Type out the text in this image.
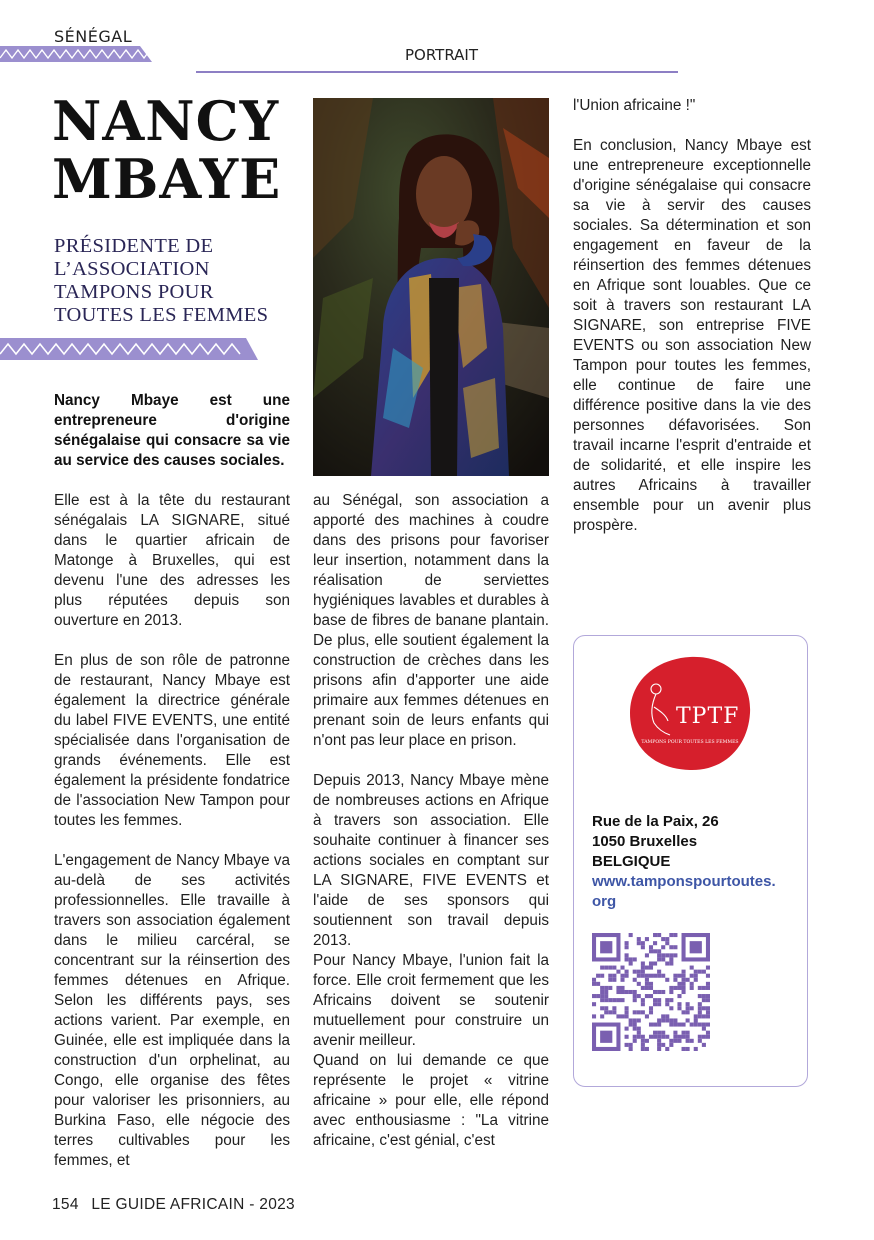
SÉNÉGAL
PORTRAIT
NANCY
MBAYE
PRÉSIDENTE DE
L’ASSOCIATION
TAMPONS POUR
TOUTES LES FEMMES
Nancy Mbaye est une entrepreneure d'origine sénégalaise qui consacre sa vie au service des causes sociales.

Elle est à la tête du restaurant sénégalais LA SIGNARE, situé dans le quartier africain de Matonge à Bruxelles, qui est devenu l'une des adresses les plus réputées depuis son ouverture en 2013.

En plus de son rôle de patronne de restaurant, Nancy Mbaye est également la directrice générale du label FIVE EVENTS, une entité spécialisée dans l'organisation de grands événements. Elle est également la présidente fondatrice de l'association New Tampon pour toutes les femmes.

L'engagement de Nancy Mbaye va au-delà de ses activités professionnelles. Elle travaille à travers son association également dans le milieu carcéral, se concentrant sur la réinsertion des femmes détenues en Afrique. Selon les différents pays, ses actions varient. Par exemple, en Guinée, elle est impliquée dans la construction d'un orphelinat, au Congo, elle organise des fêtes pour valoriser les prisonniers, au Burkina Faso, elle négocie des terres cultivables pour les femmes, et

au Sénégal, son association a apporté des machines à coudre dans des prisons pour favoriser leur insertion, notamment dans la réalisation de serviettes hygiéniques lavables et durables à base de fibres de banane plantain. De plus, elle soutient également la construction de crèches dans les prisons afin d'apporter une aide primaire aux femmes détenues en prenant soin de leurs enfants qui n'ont pas leur place en prison.

Depuis 2013, Nancy Mbaye mène de nombreuses actions en Afrique à travers son association. Elle souhaite continuer à financer ses actions sociales en comptant sur LA SIGNARE, FIVE EVENTS et l'aide de ses sponsors qui soutiennent son travail depuis 2013.

Pour Nancy Mbaye, l'union fait la force. Elle croit fermement que les Africains doivent se soutenir mutuellement pour construire un avenir meilleur.

Quand on lui demande ce que représente le projet « vitrine africaine » pour elle, elle répond avec enthousiasme : "La vitrine africaine, c'est génial, c'est

l'Union africaine !"

En conclusion, Nancy Mbaye est une entrepreneure exceptionnelle d'origine sénégalaise qui consacre sa vie à servir des causes sociales. Sa détermination et son engagement en faveur de la réinsertion des femmes détenues en Afrique sont louables. Que ce soit à travers son restaurant LA SIGNARE, son entreprise FIVE EVENTS ou son association New Tampon pour toutes les femmes, elle continue de faire une différence positive dans la vie des personnes défavorisées. Son travail incarne l'esprit d'entraide et de solidarité, et elle inspire les autres Africains à travailler ensemble pour un avenir plus prospère.

TPTF
TAMPONS POUR TOUTES LES FEMMES
Rue de la Paix, 26
1050 Bruxelles
BELGIQUE
www.tamponspourtoutes.
org
154 LE GUIDE AFRICAIN - 2023
